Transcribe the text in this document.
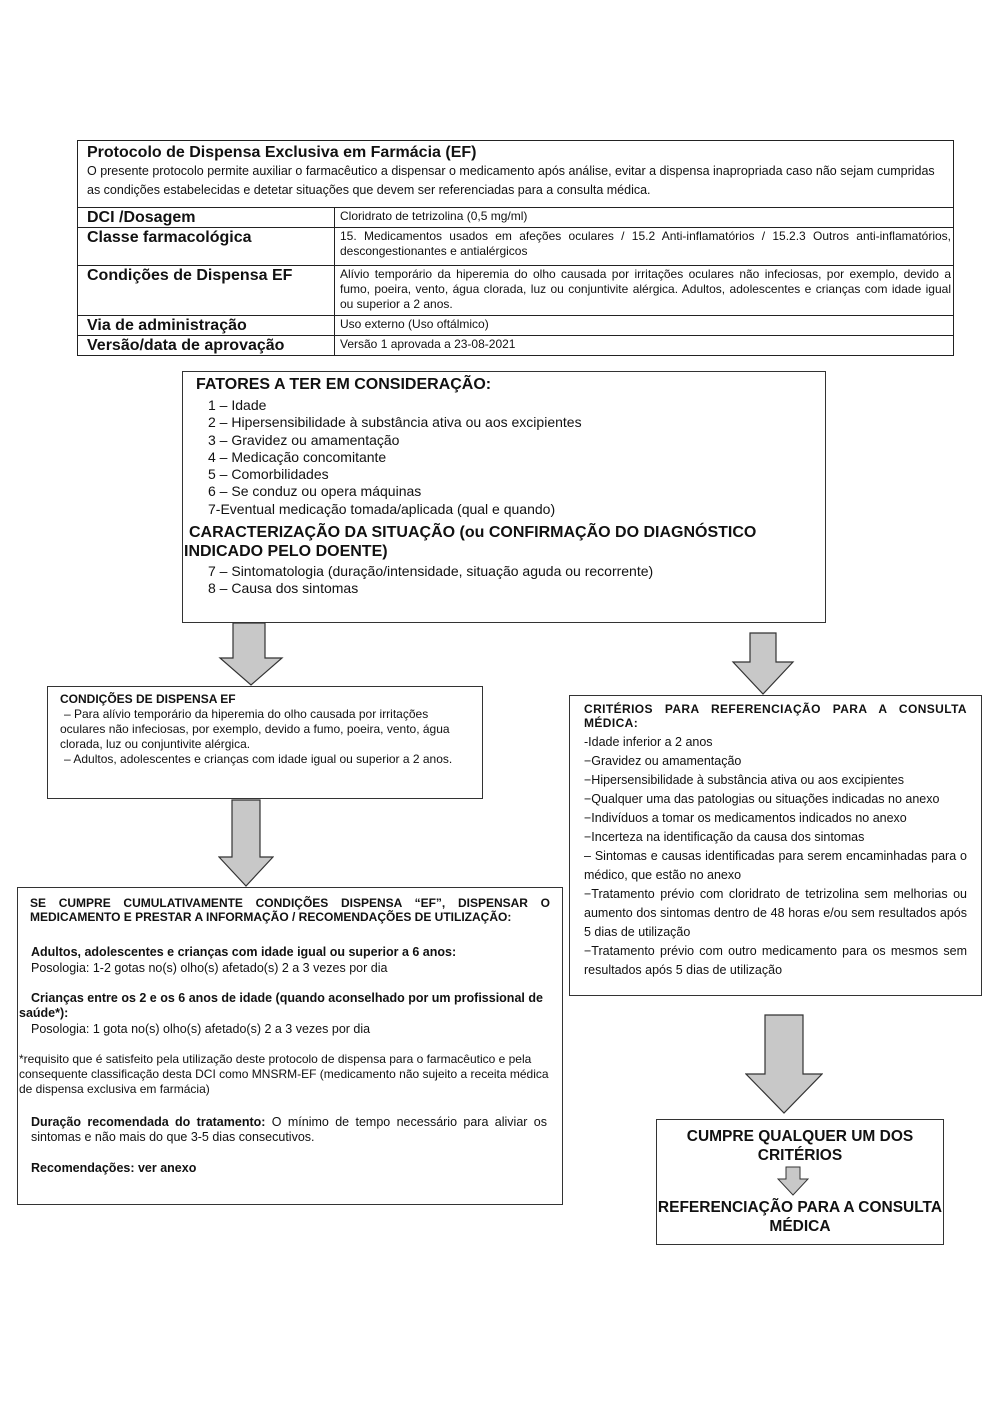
Protocolo de Dispensa Exclusiva em Farmácia (EF)
O presente protocolo permite auxiliar o farmacêutico a dispensar o medicamento após análise, evitar a dispensa inapropriada caso não sejam cumpridas as condições estabelecidas e detetar situações que devem ser referenciadas para a consulta médica.
DCI /Dosagem	Cloridrato de tetrizolina (0,5 mg/ml)
Classe farmacológica	15. Medicamentos usados em afeções oculares / 15.2 Anti-inflamatórios / 15.2.3 Outros anti-inflamatórios, descongestionantes e antialérgicos
Condições de Dispensa EF	Alívio temporário da hiperemia do olho causada por irritações oculares não infeciosas, por exemplo, devido a fumo, poeira, vento, água clorada, luz ou conjuntivite alérgica. Adultos, adolescentes e crianças com idade igual ou superior a 2 anos.
Via de administração	Uso externo (Uso oftálmico)
Versão/data de aprovação	Versão 1 aprovada a 23-08-2021
FATORES A TER EM CONSIDERAÇÃO:
1 – Idade
2 – Hipersensibilidade à substância ativa ou aos excipientes
3 – Gravidez ou amamentação
4 – Medicação concomitante
5 – Comorbilidades
6 – Se conduz ou opera máquinas
7-Eventual medicação tomada/aplicada (qual e quando)
CARACTERIZAÇÃO DA SITUAÇÃO (ou CONFIRMAÇÃO DO DIAGNÓSTICO INDICADO PELO DOENTE)
7 – Sintomatologia (duração/intensidade, situação aguda ou recorrente)
8 – Causa dos sintomas
CONDIÇÕES DE DISPENSA EF
– Para alívio temporário da hiperemia do olho causada por irritações oculares não infeciosas, por exemplo, devido a fumo, poeira, vento, água clorada, luz ou conjuntivite alérgica.
– Adultos, adolescentes e crianças com idade igual ou superior a 2 anos.
CRITÉRIOS PARA REFERENCIAÇÃO PARA A CONSULTA MÉDICA:
-Idade inferior a 2 anos
−Gravidez ou amamentação
−Hipersensibilidade à substância ativa ou aos excipientes
−Qualquer uma das patologias ou situações indicadas no anexo
−Indivíduos a tomar os medicamentos indicados no anexo
−Incerteza na identificação da causa dos sintomas
– Sintomas e causas identificadas para serem encaminhadas para o médico, que estão no anexo
−Tratamento prévio com cloridrato de tetrizolina sem melhorias ou aumento dos sintomas dentro de 48 horas e/ou sem resultados após 5 dias de utilização
−Tratamento prévio com outro medicamento para os mesmos sem resultados após 5 dias de utilização
SE CUMPRE CUMULATIVAMENTE CONDIÇÕES DISPENSA “EF”, DISPENSAR O MEDICAMENTO E PRESTAR A INFORMAÇÃO / RECOMENDAÇÕES DE UTILIZAÇÃO:
Adultos, adolescentes e crianças com idade igual ou superior a 6 anos:
Posologia: 1-2 gotas no(s) olho(s) afetado(s) 2 a 3 vezes por dia
Crianças entre os 2 e os 6 anos de idade (quando aconselhado por um profissional de saúde*):
Posologia: 1 gota no(s) olho(s) afetado(s) 2 a 3 vezes por dia
*requisito que é satisfeito pela utilização deste protocolo de dispensa para o farmacêutico e pela consequente classificação desta DCI como MNSRM-EF (medicamento não sujeito a receita médica de dispensa exclusiva em farmácia)
Duração recomendada do tratamento: O mínimo de tempo necessário para aliviar os sintomas e não mais do que 3-5 dias consecutivos.
Recomendações: ver anexo
CUMPRE QUALQUER UM DOS CRITÉRIOS
REFERENCIAÇÃO PARA A CONSULTA MÉDICA
